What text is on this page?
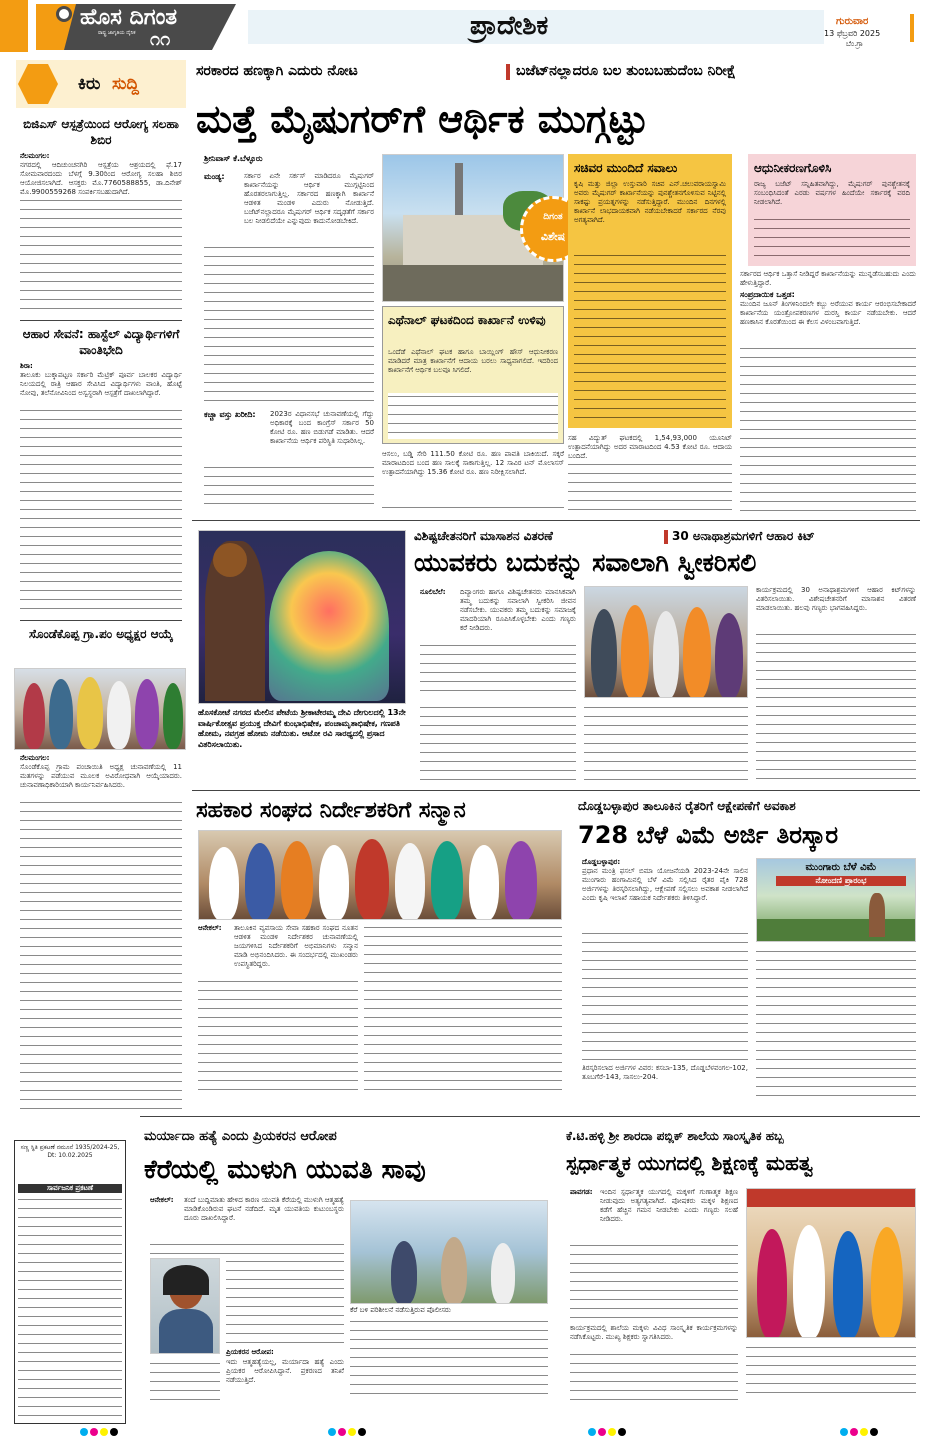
ಹೊಸ ದಿಗಂತ
ರಾಷ್ಟ್ರ ಜಾಗೃತಿಯ ದೈನಿಕ ೧೧	ಪ್ರಾದೇಶಿಕ	ಗುರುವಾರ
13 ಫೆಬ್ರವರಿ 2025
ಬೆಂ.ಗ್ರಾ
ಕಿರು ಸುದ್ದಿ
ಬಿಜಿಎಸ್ ಆಸ್ಪತ್ರೆಯಿಂದ ಆರೋಗ್ಯ ಸಲಹಾ ಶಿಬಿರ
ನೆಲಮಂಗಲ:
ನಗರದಲ್ಲಿ ಆದಿಚುಂಚನಗಿರಿ ಆಸ್ಪತ್ರೆಯ ಆಶ್ರಯದಲ್ಲಿ ಫೆ.17 ಸೋಮವಾರದಂದು ಬೆಳಗ್ಗೆ 9.30ರಿಂದ ಆರೋಗ್ಯ ಸಲಹಾ ಶಿಬಿರ ಆಯೋಜಿಸಲಾಗಿದೆ. ಆಸಕ್ತರು ಮೊ.7760588855, ಡಾ.ದಿನೇಶ್ ಮೊ.9900559268 ಸಂಪರ್ಕಿಸಬಹುದಾಗಿದೆ.
ಆಹಾರ ಸೇವನೆ: ಹಾಸ್ಟೆಲ್ ವಿದ್ಯಾರ್ಥಿಗಳಿಗೆ ವಾಂತಿಭೇದಿ
ಶಿರಾ:
ತಾಲೂಕು ಬುಕ್ಕಾಪಟ್ಟಣ ಸರ್ಕಾರಿ ಮೆಟ್ರಿಕ್ ಪೂರ್ವ ಬಾಲಕರ ವಿದ್ಯಾರ್ಥಿ ನಿಲಯದಲ್ಲಿ ರಾತ್ರಿ ಆಹಾರ ಸೇವಿಸಿದ ವಿದ್ಯಾರ್ಥಿಗಳು ವಾಂತಿ, ಹೊಟ್ಟೆ ನೋವು, ತಲೆನೋವಿನಿಂದ ಅಸ್ವಸ್ಥರಾಗಿ ಆಸ್ಪತ್ರೆಗೆ ದಾಖಲಾಗಿದ್ದಾರೆ.
ಸೊಂಡೆಕೊಪ್ಪ ಗ್ರಾ.ಪಂ ಅಧ್ಯಕ್ಷರ ಆಯ್ಕೆ
ನೆಲಮಂಗಲ:
ಸೊಂಡೆಕೊಪ್ಪ ಗ್ರಾಮ ಪಂಚಾಯಿತಿ ಅಧ್ಯಕ್ಷ ಚುನಾವಣೆಯಲ್ಲಿ 11 ಮತಗಳನ್ನು ಪಡೆಯುವ ಮೂಲಕ ಅವಿರೋಧವಾಗಿ ಆಯ್ಕೆಯಾದರು. ಚುನಾವಣಾಧಿಕಾರಿಯಾಗಿ ಕಾರ್ಯನಿರ್ವಹಿಸಿದರು.
ಸಣ್ಣ ಸ್ಥಿತಿ ಪ್ರಕಟಣೆ ನಮೂನೆ 1935/2024-25, Dt: 10.02.2025
ಸಾರ್ವಜನಿಕ ಪ್ರಕಟಣೆ
ಸರಕಾರದ ಹಣಕ್ಕಾಗಿ ಎದುರು ನೋಟ	ಬಜೆಟ್‌ನಲ್ಲಾದರೂ ಬಲ ತುಂಬಬಹುದೆಂಬ ನಿರೀಕ್ಷೆ
ಮತ್ತೆ ಮೈಷುಗರ್‌ಗೆ ಆರ್ಥಿಕ ಮುಗ್ಗಟ್ಟು
ಶ್ರೀನಿವಾಸ್ ಕೆ.ಬೆಳ್ಳೂರು
ಮಂಡ್ಯ:	ಸರ್ಕಾರ ಏನೇ ಸರ್ಕಸ್ ಮಾಡಿದರೂ ಮೈಷುಗರ್ ಕಾರ್ಖಾನೆಯನ್ನು ಆರ್ಥಿಕ ಮುಗ್ಗಟ್ಟಿನಿಂದ ಹೊರತರಲಾಗುತ್ತಿಲ್ಲ. ಸರ್ಕಾರದ ಹಣಕ್ಕಾಗಿ ಕಾರ್ಖಾನೆ ಆಡಳಿತ ಮಂಡಳಿ ಎದುರು ನೋಡುತ್ತಿದೆ. ಬಜೆಟ್‌ನಲ್ಲಾದರೂ ಮೈಷುಗರ್ ಆರ್ಥಿಕ ಸದೃಢತೆಗೆ ಸರ್ಕಾರ ಬಲ ನೀಡಲಿದೆಯೇ ಎನ್ನುವುದು ಕಾದುನೋಡಬೇಕಿದೆ.
ಕಚ್ಚಾ ವಸ್ತು ಖರೀದಿ: 2023ರ ವಿಧಾನಸಭೆ ಚುನಾವಣೆಯಲ್ಲಿ ಗೆದ್ದು ಅಧಿಕಾರಕ್ಕೆ ಬಂದ ಕಾಂಗ್ರೆಸ್ ಸರ್ಕಾರ 50 ಕೋಟಿ ರೂ. ಹಣ ಬಿಡುಗಡೆ ಮಾಡಿತು. ಆದರೆ ಕಾರ್ಖಾನೆಯ ಆರ್ಥಿಕ ಪರಿಸ್ಥಿತಿ ಸುಧಾರಿಸಿಲ್ಲ.
ದಿಗಂತ
ವಿಶೇಷ
ಎಥೆನಾಲ್ ಘಟಕದಿಂದ ಕಾರ್ಖಾನೆ ಉಳಿವು
ಒಂದೆಡೆ ಎಥೆನಾಲ್ ಘಟಕ ಹಾಗೂ ಬಾಯ್ಲಿಂಗ್ ಹೌಸ್ ಆಧುನೀಕರಣ ಮಾಡಿದರೆ ಮಾತ್ರ ಕಾರ್ಖಾನೆಗೆ ಆದಾಯ ಬರಲು ಸಾಧ್ಯವಾಗಲಿದೆ. ಇದರಿಂದ ಕಾರ್ಖಾನೆಗೆ ಆರ್ಥಿಕ ಬಲವೂ ಸಿಗಲಿದೆ.
ಆಸಲು, ಬಡ್ಡಿ ಸೇರಿ 111.50 ಕೋಟಿ ರೂ. ಹಣ ಪಾವತಿ ಬಾಕಿಯಿದೆ. ಸಕ್ಕರೆ ಮಾರಾಟದಿಂದ ಬಂದ ಹಣ ಸಾಲಕ್ಕೆ ಸಾಕಾಗುತ್ತಿಲ್ಲ. 12 ಸಾವಿರ ಟನ್ ಮೊಲಾಸಸ್ ಉತ್ಪಾದನೆಯಾಗಿದ್ದು 15.36 ಕೋಟಿ ರೂ. ಹಣ ನಿರೀಕ್ಷಿಸಲಾಗಿದೆ.
ಸಚಿವರ ಮುಂದಿದೆ ಸವಾಲು
ಕೃಷಿ ಮತ್ತು ಜಿಲ್ಲಾ ಉಸ್ತುವಾರಿ ಸಚಿವ ಎನ್.ಚಲುವರಾಯಸ್ವಾಮಿ ಅವರು ಮೈಷುಗರ್ ಕಾರ್ಖಾನೆಯನ್ನು ಪುನಶ್ಚೇತನಗೊಳಿಸುವ ನಿಟ್ಟಿನಲ್ಲಿ ಸಾಕಷ್ಟು ಪ್ರಯತ್ನಗಳನ್ನು ನಡೆಸುತ್ತಿದ್ದಾರೆ. ಮುಂದಿನ ದಿನಗಳಲ್ಲಿ ಕಾರ್ಖಾನೆ ಲಾಭದಾಯಕವಾಗಿ ನಡೆಯಬೇಕಾದರೆ ಸರ್ಕಾರದ ನೆರವು ಅಗತ್ಯವಾಗಿದೆ.
ಆಧುನೀಕರಣಗೊಳಿಸಿ
ರಾಜ್ಯ ಬಜೆಟ್ ಸನ್ನಿಹಿತವಾಗಿದ್ದು, ಮೈಷುಗರ್ ಪುನಶ್ಚೇತನಕ್ಕೆ ಸಂಬಂಧಿಸಿದಂತೆ ಎರಡು ವರ್ಷಗಳ ಹಿಂದೆಯೇ ಸರ್ಕಾರಕ್ಕೆ ವರದಿ ನೀಡಲಾಗಿದೆ.
ಸರ್ಕಾರದ ಆರ್ಥಿಕ ಒತ್ತಾಸೆ ನೀಡಿದ್ದರೆ ಕಾರ್ಖಾನೆಯನ್ನು ಮುನ್ನಡೆಸಬಹುದು ಎಂದು ಹೇಳುತ್ತಿದ್ದಾರೆ.
ಸಂಪ್ರದಾಯಿಕ ಒತ್ತಡ:
ಮುಂದಿನ ಜೂನ್ ತಿಂಗಳಿನಿಂದಲೇ ಕಬ್ಬು ಅರೆಯುವ ಕಾರ್ಯ ಆರಂಭಿಸಬೇಕಾದರೆ ಕಾರ್ಖಾನೆಯ ಯಂತ್ರೋಪಕರಣಗಳ ದುರಸ್ತಿ ಕಾರ್ಯ ನಡೆಯಬೇಕು. ಆದರೆ ಹಣಕಾಸಿನ ಕೊರತೆಯಿಂದ ಈ ಕೆಲಸ ವಿಳಂಬವಾಗುತ್ತಿದೆ.
ಸಹ ವಿದ್ಯುತ್ ಘಟಕದಲ್ಲಿ 1,54,93,000 ಯೂನಿಟ್ ಉತ್ಪಾದನೆಯಾಗಿದ್ದು ಅದರ ಮಾರಾಟದಿಂದ 4.53 ಕೋಟಿ ರೂ. ಆದಾಯ ಬಂದಿದೆ.
ಹೊಸಕೋಟೆ ನಗರದ ಮೇಲಿನ ಪೇಟೆಯ ಶ್ರೀಕಾಟೇರಮ್ಮ ದೇವಿ ದೇಗುಲದಲ್ಲಿ 13ನೇ ವಾರ್ಷಿಕೋತ್ಸವ ಪ್ರಯುಕ್ತ ದೇವಿಗೆ ಕುಂಭಾಭಿಷೇಕ, ಪಂಚಾಮೃತಾಭಿಷೇಕ, ಗಣಪತಿ ಹೋಮ, ನವಗ್ರಹ ಹೋಮ ನಡೆಯಿತು. ಆಟೋ ರವಿ ಸಾರಥ್ಯದಲ್ಲಿ ಪ್ರಸಾದ ವಿತರಿಸಲಾಯಿತು.
ವಿಶಿಷ್ಟಚೇತನರಿಗೆ ಮಾಸಾಶನ ವಿತರಣೆ	30 ಅನಾಥಾಶ್ರಮಗಳಿಗೆ ಆಹಾರ ಕಿಟ್
ಯುವಕರು ಬದುಕನ್ನು ಸವಾಲಾಗಿ ಸ್ವೀಕರಿಸಲಿ
ನೂಲಿಬೆಲೆ: ದಿವ್ಯಾಂಗರು ಹಾಗೂ ವಿಶಿಷ್ಟಚೇತನರು ಮಾನಸಿಕವಾಗಿ ತಮ್ಮ ಬದುಕನ್ನು ಸವಾಲಾಗಿ ಸ್ವೀಕರಿಸಿ ಜೀವನ ನಡೆಸಬೇಕು. ಯುವಕರು ತಮ್ಮ ಬದುಕನ್ನು ಸಮಾಜಕ್ಕೆ ಮಾದರಿಯಾಗಿ ರೂಪಿಸಿಕೊಳ್ಳಬೇಕು ಎಂದು ಗಣ್ಯರು ಕರೆ ನೀಡಿದರು.
ಕಾರ್ಯಕ್ರಮದಲ್ಲಿ 30 ಅನಾಥಾಶ್ರಮಗಳಿಗೆ ಆಹಾರ ಕಿಟ್‌ಗಳನ್ನು ವಿತರಿಸಲಾಯಿತು. ವಿಶೇಷಚೇತನರಿಗೆ ಮಾಸಾಶನ ವಿತರಣೆ ಮಾಡಲಾಯಿತು. ಹಲವು ಗಣ್ಯರು ಭಾಗವಹಿಸಿದ್ದರು.
ಸಹಕಾರ ಸಂಘದ ನಿರ್ದೇಶಕರಿಗೆ ಸನ್ಮಾನ
ಆನೇಕಲ್: ತಾಲೂಕಿನ ವ್ಯವಸಾಯ ಸೇವಾ ಸಹಕಾರ ಸಂಘದ ನೂತನ ಆಡಳಿತ ಮಂಡಳಿ ನಿರ್ದೇಶಕರ ಚುನಾವಣೆಯಲ್ಲಿ ಜಯಗಳಿಸಿದ ನಿರ್ದೇಶಕರಿಗೆ ಅಭಿಮಾನಿಗಳು ಸನ್ಮಾನ ಮಾಡಿ ಅಭಿನಂದಿಸಿದರು. ಈ ಸಂದರ್ಭದಲ್ಲಿ ಮುಖಂಡರು ಉಪಸ್ಥಿತರಿದ್ದರು.
ದೊಡ್ಡಬಳ್ಳಾಪುರ ತಾಲೂಕಿನ ರೈತರಿಗೆ ಆಕ್ಷೇಪಣೆಗೆ ಅವಕಾಶ
728 ಬೆಳೆ ವಿಮೆ ಅರ್ಜಿ ತಿರಸ್ಕಾರ
ದೊಡ್ಡಬಳ್ಳಾಪುರ:
ಪ್ರಧಾನ ಮಂತ್ರಿ ಫಸಲ್ ಬಿಮಾ ಯೋಜನೆಯಡಿ 2023-24ನೇ ಸಾಲಿನ ಮುಂಗಾರು ಹಂಗಾಮಿನಲ್ಲಿ ಬೆಳೆ ವಿಮೆ ಸಲ್ಲಿಸಿದ ರೈತರ ಪೈಕಿ 728 ಅರ್ಜಿಗಳನ್ನು ತಿರಸ್ಕರಿಸಲಾಗಿದ್ದು, ಆಕ್ಷೇಪಣೆ ಸಲ್ಲಿಸಲು ಅವಕಾಶ ನೀಡಲಾಗಿದೆ ಎಂದು ಕೃಷಿ ಇಲಾಖೆ ಸಹಾಯಕ ನಿರ್ದೇಶಕರು ತಿಳಿಸಿದ್ದಾರೆ.
ತಿರಸ್ಕರಿಸಲಾದ ಅರ್ಜಿಗಳ ವಿವರ: ಕಸಬಾ-135, ದೊಡ್ಡಬೆಳವಂಗಲ-102, ತೂಬಗೆರೆ-143, ಸಾಸಲು-204.
ಮುಂಗಾರು ಬೆಳೆ ವಿಮೆ
ನೋಂದಣಿ ಪ್ರಾರಂಭ
ಮರ್ಯಾದಾ ಹತ್ಯೆ ಎಂದು ಪ್ರಿಯಕರನ ಆರೋಪ
ಕೆರೆಯಲ್ಲಿ ಮುಳುಗಿ ಯುವತಿ ಸಾವು
ಆನೇಕಲ್: ತಂದೆ ಬುದ್ದಿಮಾತು ಹೇಳಿದ ಕಾರಣ ಯುವತಿ ಕೆರೆಯಲ್ಲಿ ಮುಳುಗಿ ಆತ್ಮಹತ್ಯೆ ಮಾಡಿಕೊಂಡಿರುವ ಘಟನೆ ನಡೆದಿದೆ. ಮೃತ ಯುವತಿಯ ಕುಟುಂಬಸ್ಥರು ದೂರು ದಾಖಲಿಸಿದ್ದಾರೆ.
ಪ್ರಿಯಕರನ ಆರೋಪ:
ಇದು ಆತ್ಮಹತ್ಯೆಯಲ್ಲ, ಮರ್ಯಾದಾ ಹತ್ಯೆ ಎಂದು ಪ್ರಿಯಕರ ಆರೋಪಿಸಿದ್ದಾನೆ. ಪ್ರಕರಣದ ತನಿಖೆ ನಡೆಯುತ್ತಿದೆ.
ಕೆರೆ ಬಳಿ ಪರಿಶೀಲನೆ ನಡೆಸುತ್ತಿರುವ ಪೊಲೀಸರು
ಕೆ.ಟಿ.ಹಳ್ಳಿ ಶ್ರೀ ಶಾರದಾ ಪಬ್ಲಿಕ್ ಶಾಲೆಯ ಸಾಂಸ್ಕೃತಿಕ ಹಬ್ಬ
ಸ್ಪರ್ಧಾತ್ಮಕ ಯುಗದಲ್ಲಿ ಶಿಕ್ಷಣಕ್ಕೆ ಮಹತ್ವ
ಪಾವಗಡ: ಇಂದಿನ ಸ್ಪರ್ಧಾತ್ಮಕ ಯುಗದಲ್ಲಿ ಮಕ್ಕಳಿಗೆ ಗುಣಾತ್ಮಕ ಶಿಕ್ಷಣ ನೀಡುವುದು ಅತ್ಯಗತ್ಯವಾಗಿದೆ. ಪೋಷಕರು ಮಕ್ಕಳ ಶಿಕ್ಷಣದ ಕಡೆಗೆ ಹೆಚ್ಚಿನ ಗಮನ ನೀಡಬೇಕು ಎಂದು ಗಣ್ಯರು ಸಲಹೆ ನೀಡಿದರು.
ಕಾರ್ಯಕ್ರಮದಲ್ಲಿ ಶಾಲೆಯ ಮಕ್ಕಳು ವಿವಿಧ ಸಾಂಸ್ಕೃತಿಕ ಕಾರ್ಯಕ್ರಮಗಳನ್ನು ನಡೆಸಿಕೊಟ್ಟರು. ಮುಖ್ಯ ಶಿಕ್ಷಕರು ಸ್ವಾಗತಿಸಿದರು.
